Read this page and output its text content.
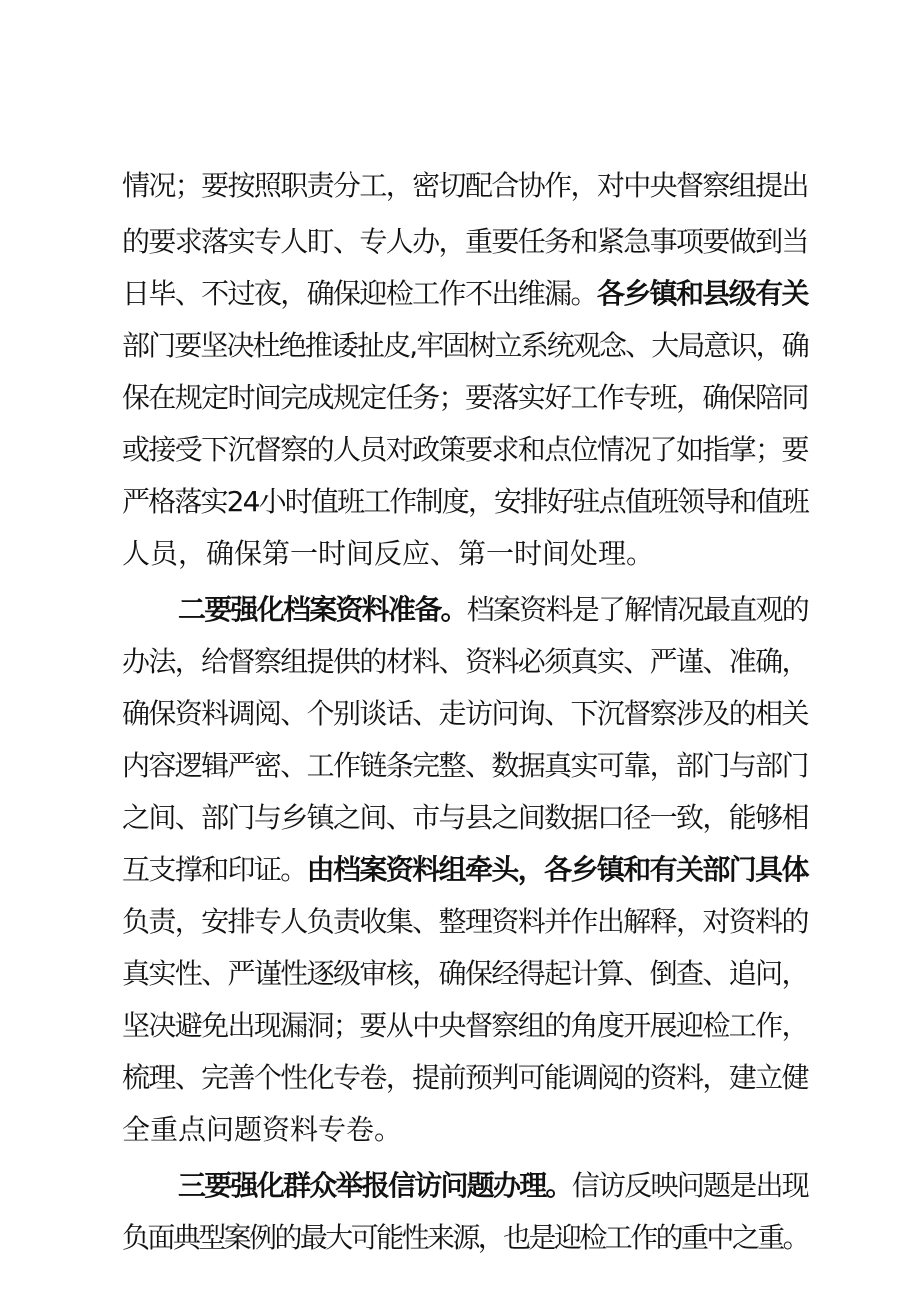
情况；要按照职责分工，密切配合协作，对中央督察组提出
的要求落实专人盯、专人办，重要任务和紧急事项要做到当
日毕、不过夜，确保迎检工作不出维漏。各乡镇和县级有关
部门要坚决杜绝推诿扯皮,牢固树立系统观念、大局意识，确
保在规定时间完成规定任务；要落实好工作专班，确保陪同
或接受下沉督察的人员对政策要求和点位情况了如指掌；要
严格落实24小时值班工作制度，安排好驻点值班领导和值班
人员，确保第一时间反应、第一时间处理。
二要强化档案资料准备。档案资料是了解情况最直观的
办法，给督察组提供的材料、资料必须真实、严谨、准确，
确保资料调阅、个别谈话、走访问询、下沉督察涉及的相关
内容逻辑严密、工作链条完整、数据真实可靠，部门与部门
之间、部门与乡镇之间、市与县之间数据口径一致，能够相
互支撑和印证。由档案资料组牵头，各乡镇和有关部门具体
负责，安排专人负责收集、整理资料并作出解释，对资料的
真实性、严谨性逐级审核，确保经得起计算、倒查、追问，
坚决避免出现漏洞；要从中央督察组的角度开展迎检工作，
梳理、完善个性化专卷，提前预判可能调阅的资料，建立健
全重点问题资料专卷。
三要强化群众举报信访问题办理。信访反映问题是出现
负面典型案例的最大可能性来源，也是迎检工作的重中之重。
